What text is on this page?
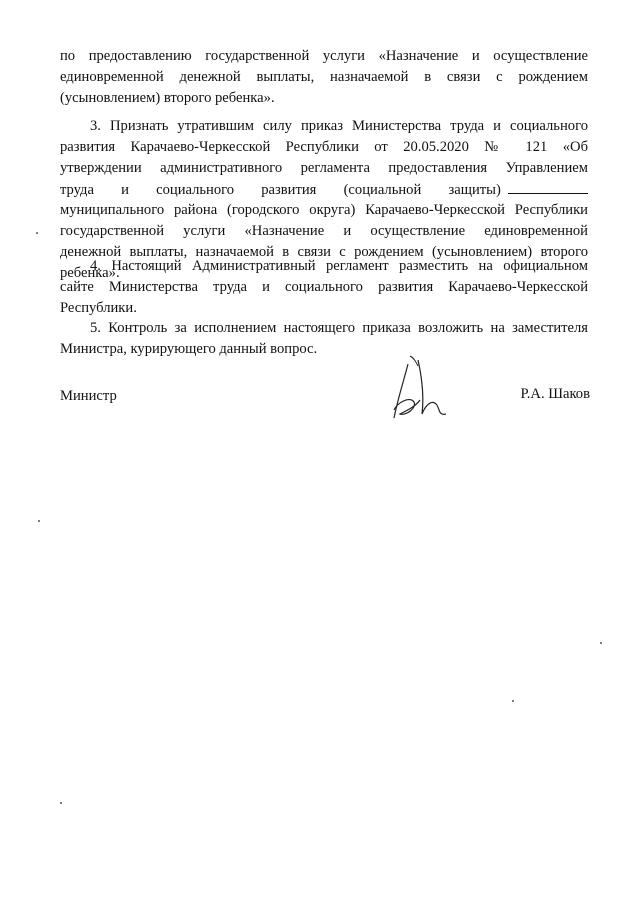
по предоставлению государственной услуги «Назначение и осуществление
единовременной денежной выплаты, назначаемой в связи с рождением
(усыновлением) второго ребенка».
3. Признать утратившим силу приказ Министерства труда и социального
развития Карачаево-Черкесской Республики от 20.05.2020 № 121 «Об
утверждении административного регламента предоставления Управлением
труда и социального развития (социальной защиты)
муниципального района (городского округа) Карачаево-Черкесской Республики
государственной услуги «Назначение и осуществление единовременной
денежной выплаты, назначаемой в связи с рождением (усыновлением) второго
ребенка».
4. Настоящий Административный регламент разместить на официальном
сайте Министерства труда и социального развития Карачаево-Черкесской
Республики.
5. Контроль за исполнением настоящего приказа возложить на заместителя
Министра, курирующего данный вопрос.
Министр	Р.А. Шаков
